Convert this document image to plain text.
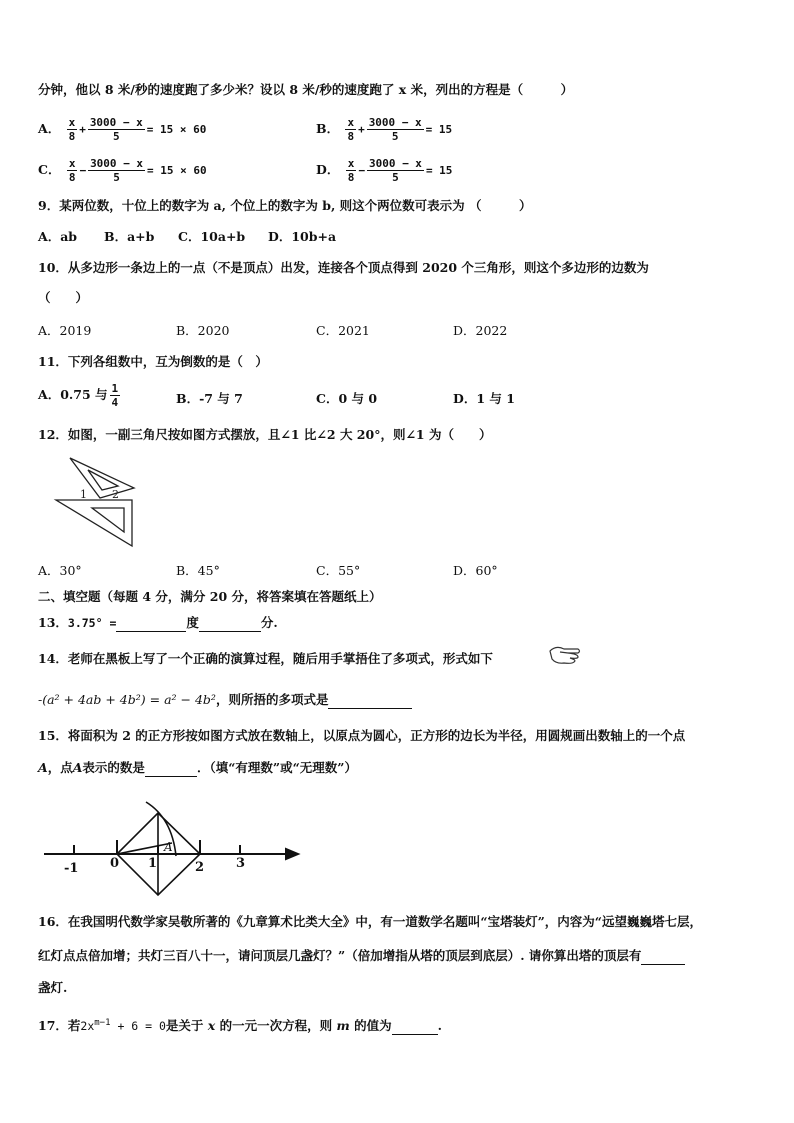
分钟，他以 8 米/秒的速度跑了多少米？设以 8 米/秒的速度跑了 x 米，列出的方程是（　　　）
A． $\frac{x}{8} + \frac{3000 - x}{5} = 15 \times 60$	B． $\frac{x}{8} + \frac{3000 - x}{5} = 15$
C． $\frac{x}{8} - \frac{3000 - x}{5} = 15 \times 60$	D． $\frac{x}{8} - \frac{3000 - x}{5} = 15$
9．某两位数，十位上的数字为 a, 个位上的数字为 b, 则这个两位数可表示为 （　　　）
A．ab B．a+b C．10a+b D．10b+a
10．从多边形一条边上的一点（不是顶点）出发，连接各个顶点得到 2020 个三角形，则这个多边形的边数为
（　　）
A．2019	B．2020	C．2021	D．2022
11．下列各组数中，互为倒数的是（　）
A．0.75 与 $\frac{1}{4}$	B．-7 与 7	C．0 与 0	D．1 与 1
12．如图，一副三角尺按如图方式摆放，且∠1 比∠2 大 20°，则∠1 为（　　）
1 2
A．30°	B．45°	C．55°	D．60°
二、填空题（每题 4 分，满分 20 分，将答案填在答题纸上）
13．3.75° =	度	分.
14．老师在黑板上写了一个正确的演算过程，随后用手掌捂住了多项式，形式如下
-(a² + 4ab + 4b²) = a² − 4b²，则所捂的多项式是
15．将面积为 2 的正方形按如图方式放在数轴上，以原点为圆心，正方形的边长为半径，用圆规画出数轴上的一个点
A，点A表示的数是	．（填“有理数”或“无理数”）
-1 0 1	2 3
A
16．在我国明代数学家吴敬所著的《九章算术比类大全》中，有一道数学名题叫“宝塔装灯”，内容为“远望巍巍塔七层，
红灯点点倍加增；共灯三百八十一，请问顶层几盏灯？”（倍加增指从塔的顶层到底层）. 请你算出塔的顶层有
盏灯.
17．若$2x^{m-1} + 6 = 0$是关于 x 的一元一次方程，则 m 的值为	.
